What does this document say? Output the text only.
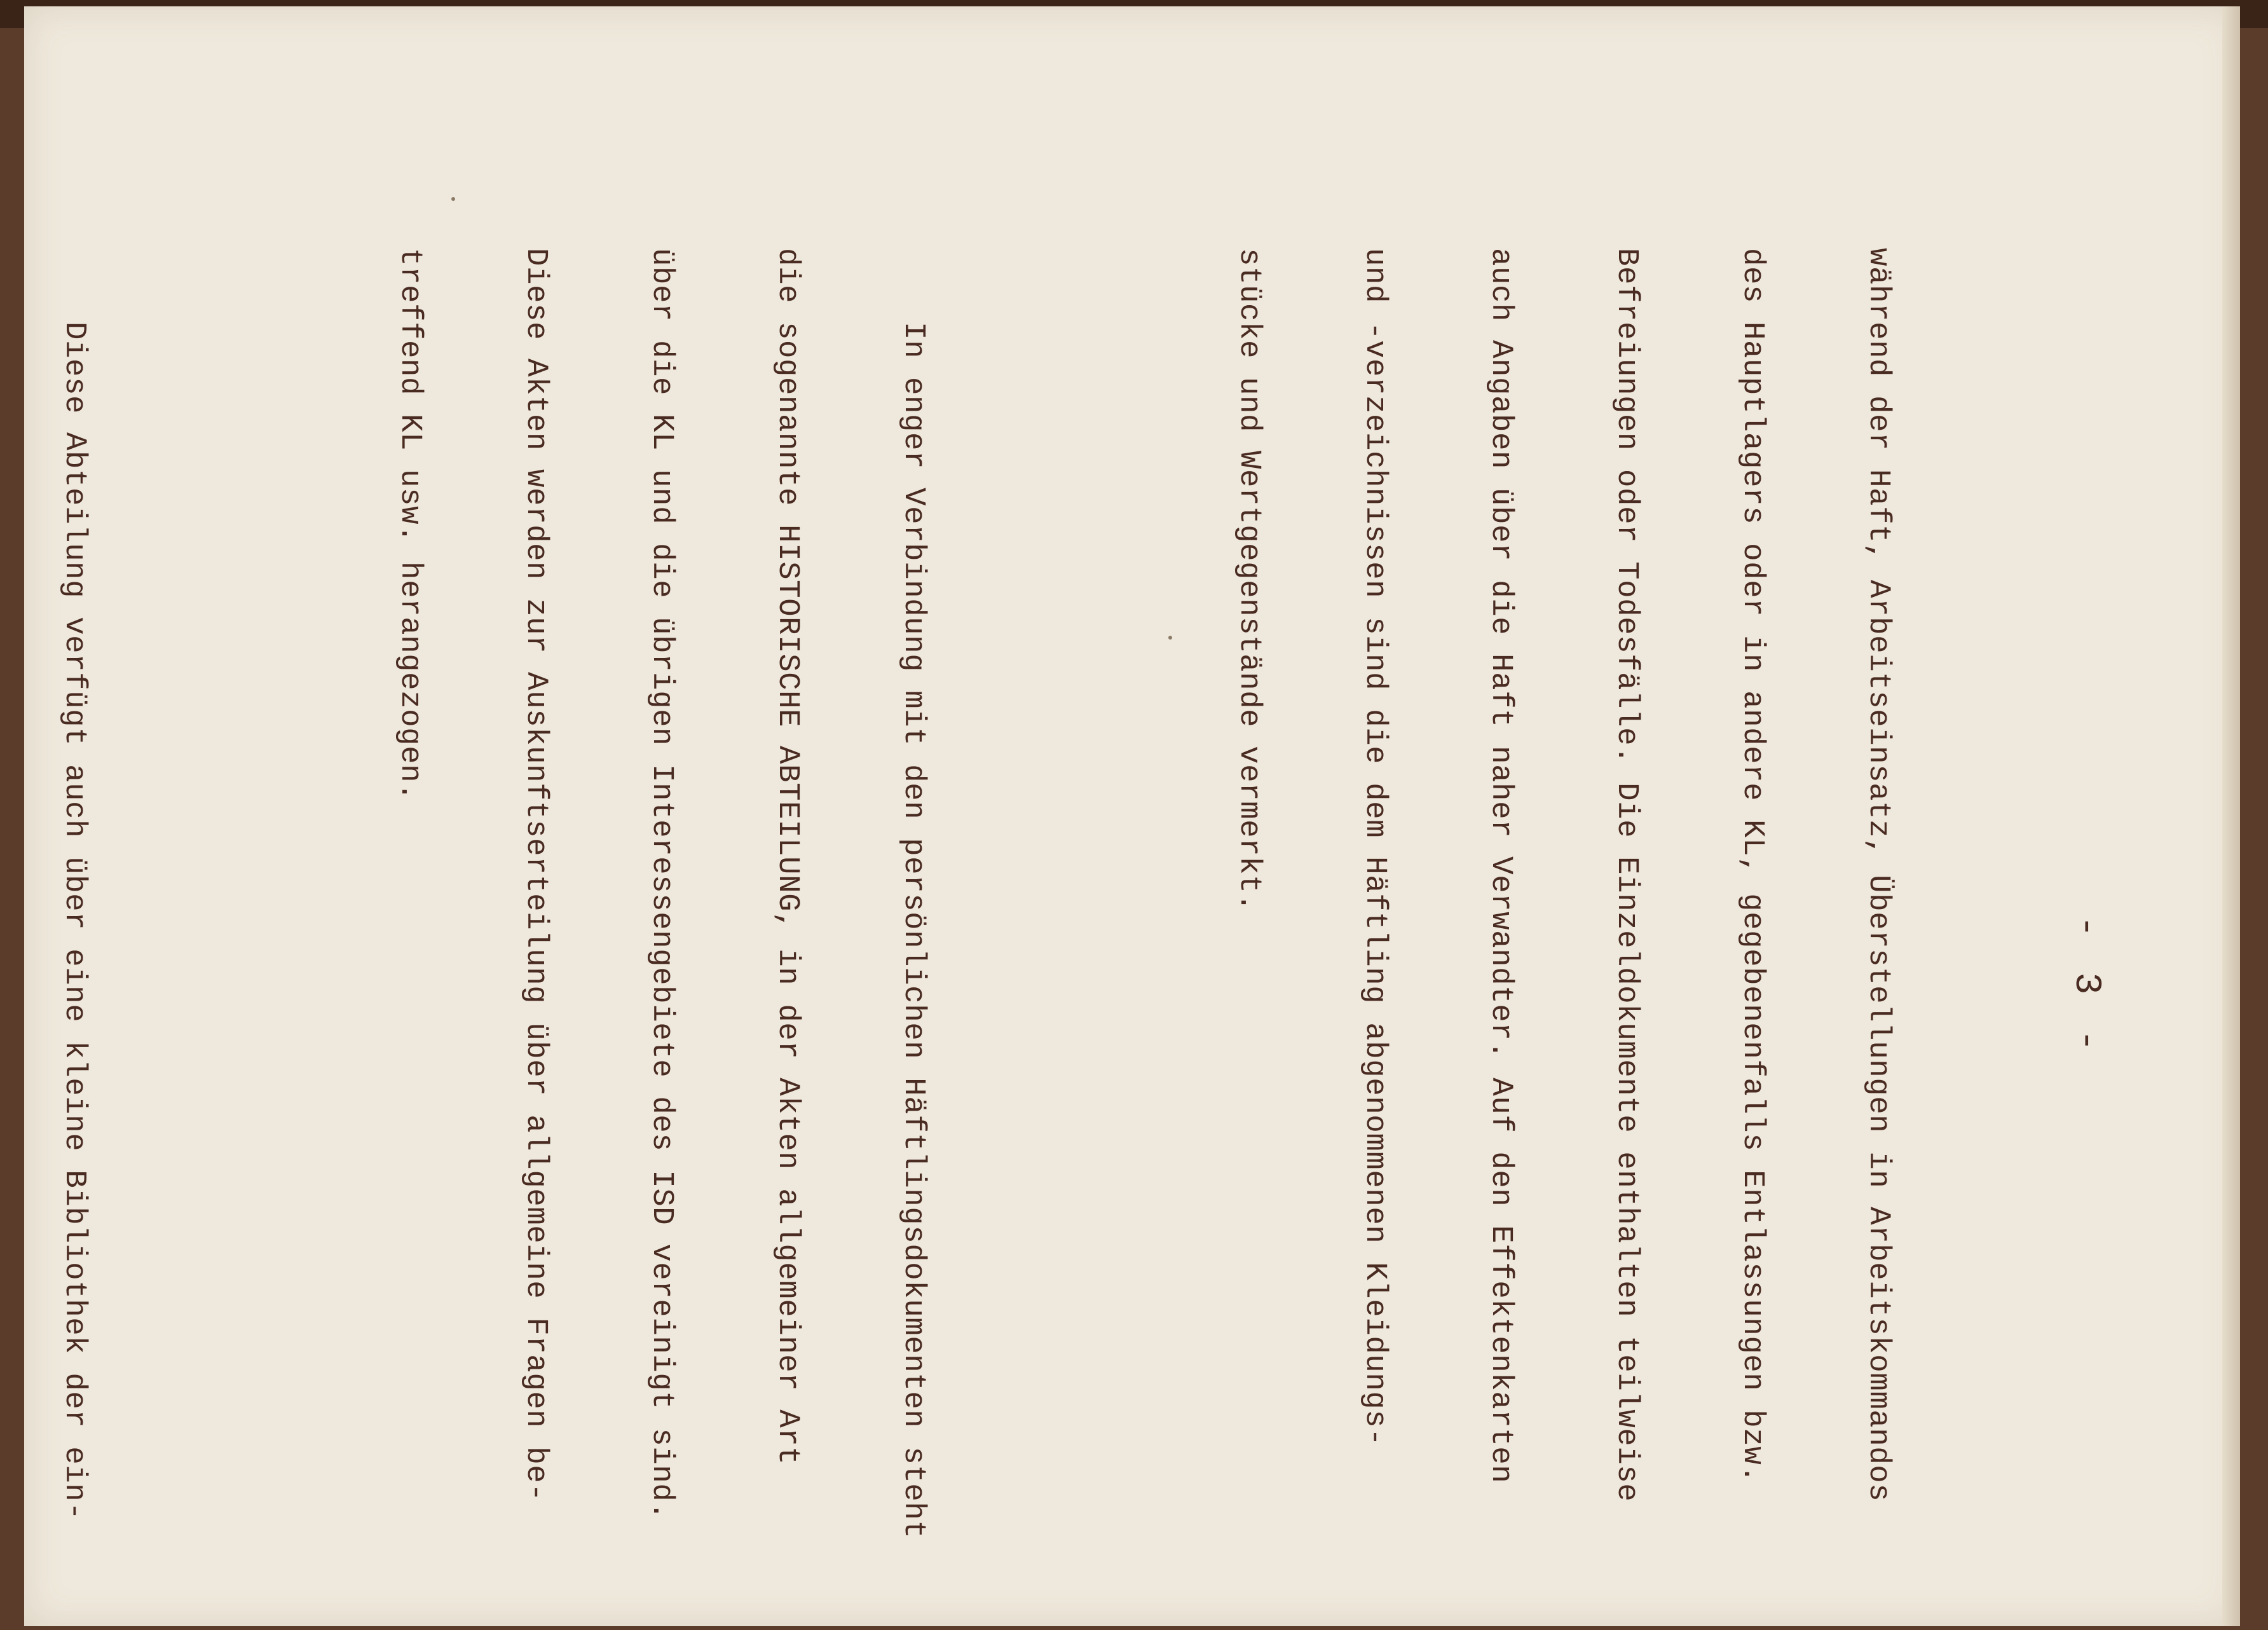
- 3 -

während der Haft, Arbeitseinsatz, Überstellungen in Arbeitskommandos

des Hauptlagers oder in andere KL, gegebenenfalls Entlassungen bzw.

Befreiungen oder Todesfälle. Die Einzeldokumente enthalten teilweise

auch Angaben über die Haft naher Verwandter. Auf den Effektenkarten

und -verzeichnissen sind die dem Häftling abgenommenen Kleidungs-

stücke und Wertgegenstände vermerkt.

In enger Verbindung mit den persönlichen Häftlingsdokumenten steht

die sogenannte HISTORISCHE ABTEILUNG, in der Akten allgemeiner Art

über die KL und die übrigen Interessengebiete des ISD vereinigt sind.

Diese Akten werden zur Auskunftserteilung über allgemeine Fragen be-

treffend KL usw. herangezogen.

Diese Abteilung verfügt auch über eine kleine Bibliothek der ein-
